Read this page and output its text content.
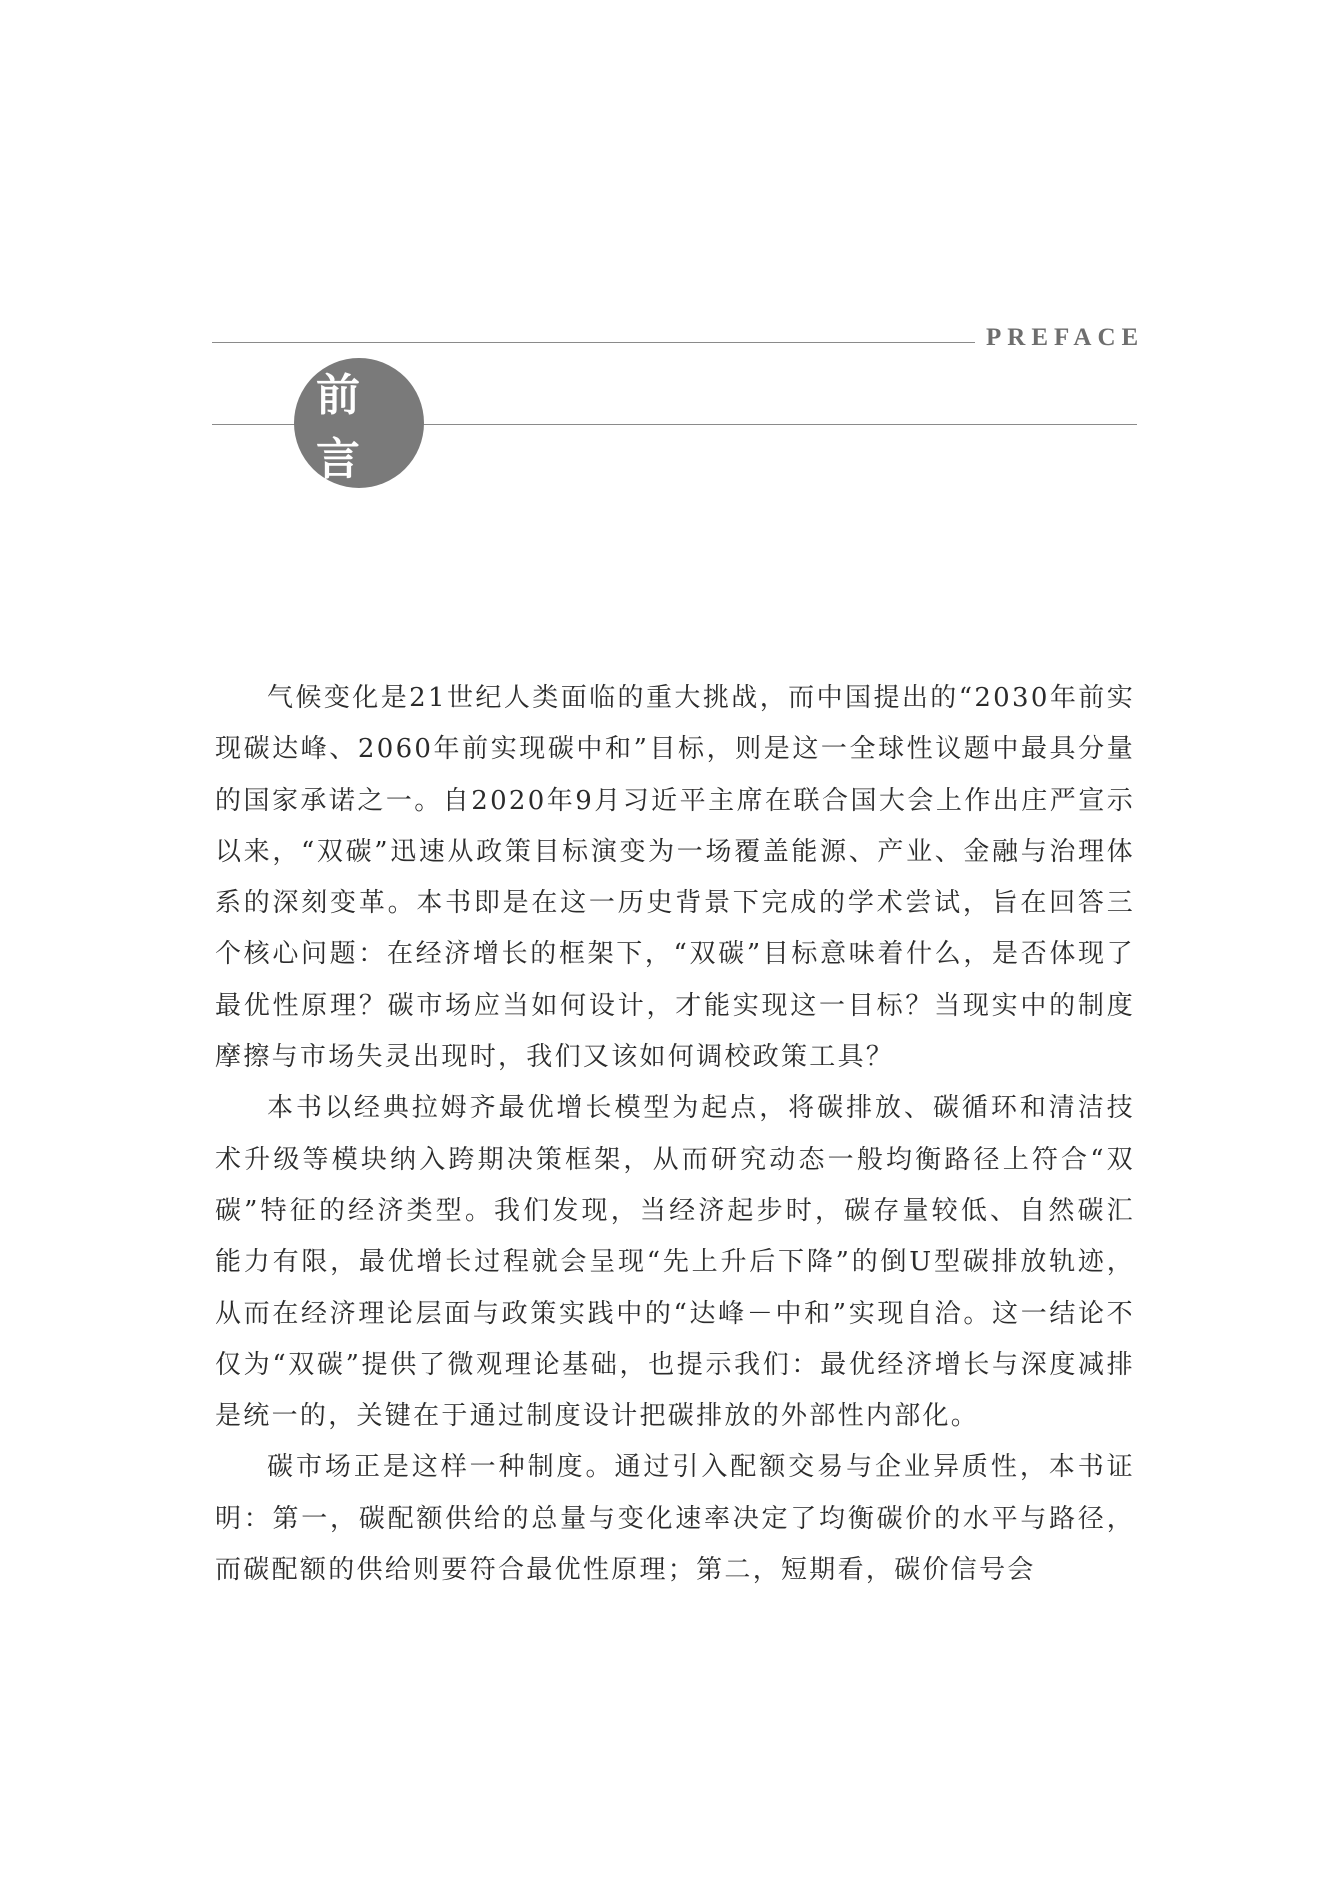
PREFACE
前 言

气候变化是21世纪人类面临的重大挑战，而中国提出的“2030年前实现碳达峰、2060年前实现碳中和”目标，则是这一全球性议题中最具分量的国家承诺之一。自2020年9月习近平主席在联合国大会上作出庄严宣示以来，“双碳”迅速从政策目标演变为一场覆盖能源、产业、金融与治理体系的深刻变革。本书即是在这一历史背景下完成的学术尝试，旨在回答三个核心问题：在经济增长的框架下，“双碳”目标意味着什么，是否体现了最优性原理？碳市场应当如何设计，才能实现这一目标？当现实中的制度摩擦与市场失灵出现时，我们又该如何调校政策工具？

本书以经典拉姆齐最优增长模型为起点，将碳排放、碳循环和清洁技术升级等模块纳入跨期决策框架，从而研究动态一般均衡路径上符合“双碳”特征的经济类型。我们发现，当经济起步时，碳存量较低、自然碳汇能力有限，最优增长过程就会呈现“先上升后下降”的倒U型碳排放轨迹，从而在经济理论层面与政策实践中的“达峰－中和”实现自洽。这一结论不仅为“双碳”提供了微观理论基础，也提示我们：最优经济增长与深度减排是统一的，关键在于通过制度设计把碳排放的外部性内部化。

碳市场正是这样一种制度。通过引入配额交易与企业异质性，本书证明：第一，碳配额供给的总量与变化速率决定了均衡碳价的水平与路径，而碳配额的供给则要符合最优性原理；第二，短期看，碳价信号会
